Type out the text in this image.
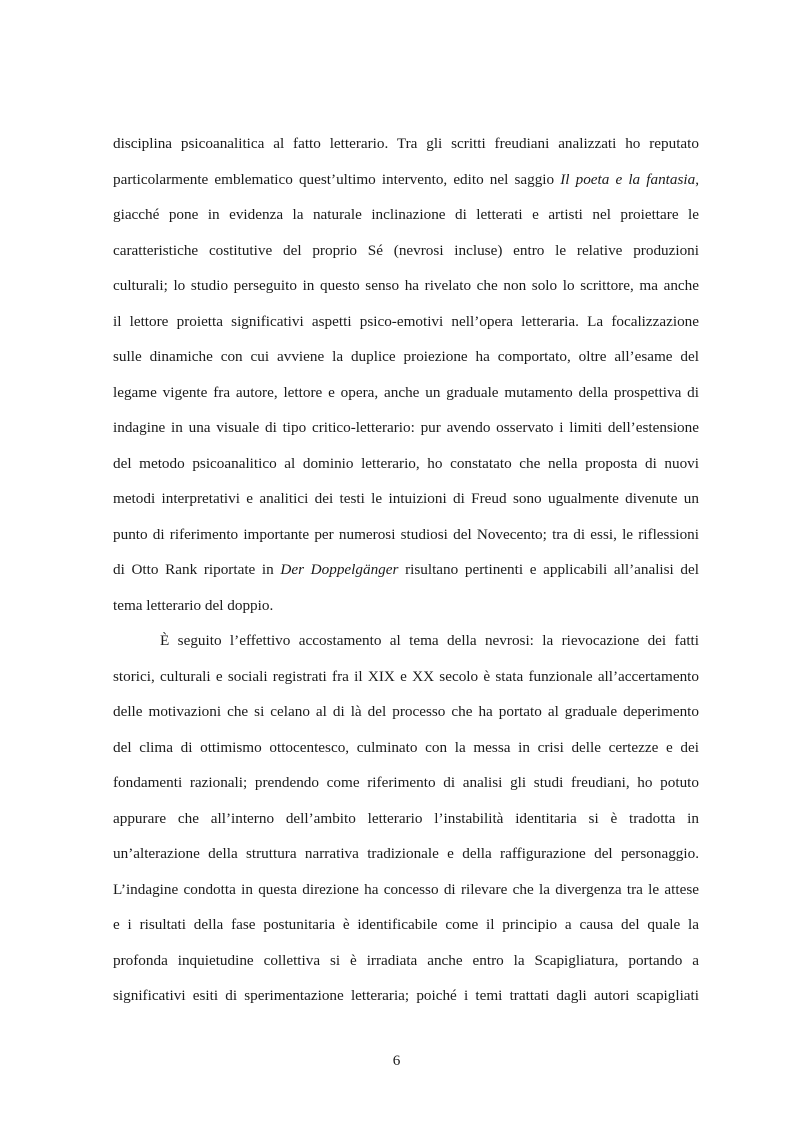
disciplina psicoanalitica al fatto letterario. Tra gli scritti freudiani analizzati ho reputato
particolarmente emblematico quest’ultimo intervento, edito nel saggio Il poeta e la fantasia,
giacché pone in evidenza la naturale inclinazione di letterati e artisti nel proiettare le
caratteristiche costitutive del proprio Sé (nevrosi incluse) entro le relative produzioni
culturali; lo studio perseguito in questo senso ha rivelato che non solo lo scrittore, ma anche
il lettore proietta significativi aspetti psico-emotivi nell’opera letteraria. La focalizzazione
sulle dinamiche con cui avviene la duplice proiezione ha comportato, oltre all’esame del
legame vigente fra autore, lettore e opera, anche un graduale mutamento della prospettiva di
indagine in una visuale di tipo critico-letterario: pur avendo osservato i limiti dell’estensione
del metodo psicoanalitico al dominio letterario, ho constatato che nella proposta di nuovi
metodi interpretativi e analitici dei testi le intuizioni di Freud sono ugualmente divenute un
punto di riferimento importante per numerosi studiosi del Novecento; tra di essi, le riflessioni
di Otto Rank riportate in Der Doppelgänger risultano pertinenti e applicabili all’analisi del
tema letterario del doppio.
È seguito l’effettivo accostamento al tema della nevrosi: la rievocazione dei fatti
storici, culturali e sociali registrati fra il XIX e XX secolo è stata funzionale all’accertamento
delle motivazioni che si celano al di là del processo che ha portato al graduale deperimento
del clima di ottimismo ottocentesco, culminato con la messa in crisi delle certezze e dei
fondamenti razionali; prendendo come riferimento di analisi gli studi freudiani, ho potuto
appurare che all’interno dell’ambito letterario l’instabilità identitaria si è tradotta in
un’alterazione della struttura narrativa tradizionale e della raffigurazione del personaggio.
L’indagine condotta in questa direzione ha concesso di rilevare che la divergenza tra le attese
e i risultati della fase postunitaria è identificabile come il principio a causa del quale la
profonda inquietudine collettiva si è irradiata anche entro la Scapigliatura, portando a
significativi esiti di sperimentazione letteraria; poiché i temi trattati dagli autori scapigliati
6
